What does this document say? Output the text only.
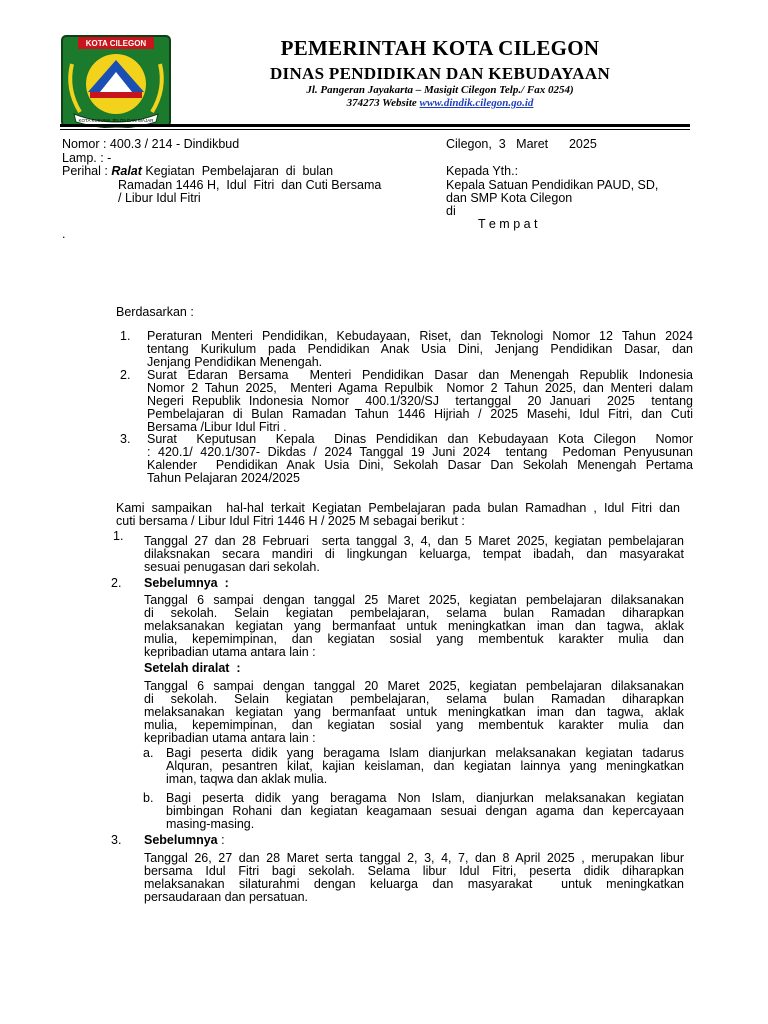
KOTA CILEGON
KOTA KUSUMA JELITA DAN WAJAR
PEMERINTAH KOTA CILEGON
DINAS PENDIDIKAN DAN KEBUDAYAAN
Jl. Pangeran Jayakarta – Masigit Cilegon Telp./ Fax 0254)
374273 Website www.dindik.cilegon.go.id
Nomor : 400.3 / 214 - Dindikbud
Lamp. : -
Perihal : Ralat Kegiatan  Pembelajaran  di  bulan
Ramadan 1446 H,  Idul  Fitri  dan Cuti Bersama
/ Libur Idul Fitri
Cilegon,  3   Maret      2025
Kepada Yth.:
Kepala Satuan Pendidikan PAUD, SD,
dan SMP Kota Cilegon
di
T e m p a t
.
Berdasarkan :
1. Peraturan Menteri Pendidikan, Kebudayaan, Riset, dan Teknologi Nomor 12 Tahun 2024
tentang Kurikulum pada Pendidikan Anak Usia Dini, Jenjang Pendidikan Dasar, dan
Jenjang Pendidikan Menengah.
2. Surat Edaran Bersama  Menteri Pendidikan Dasar dan Menengah Republik Indonesia
Nomor 2 Tahun 2025,  Menteri Agama Repulbik  Nomor 2 Tahun 2025, dan Menteri dalam
Negeri Republik Indonesia Nomor  400.1/320/SJ  tertanggal  20 Januari  2025  tentang
Pembelajaran di Bulan Ramadan Tahun 1446 Hijriah / 2025 Masehi, Idul Fitri, dan Cuti
Bersama /Libur Idul Fitri .
3. Surat  Keputusan  Kepala  Dinas Pendidikan dan Kebudayaan Kota Cilegon  Nomor
: 420.1/ 420.1/307- Dikdas / 2024 Tanggal 19 Juni 2024  tentang  Pedoman Penyusunan
Kalender  Pendidikan Anak Usia Dini, Sekolah Dasar Dan Sekolah Menengah Pertama
Tahun Pelajaran 2024/2025
Kami sampaikan  hal-hal terkait Kegiatan Pembelajaran pada bulan Ramadhan , Idul Fitri dan
cuti bersama / Libur Idul Fitri 1446 H / 2025 M sebagai berikut :
1. Tanggal 27 dan 28 Februari  serta tanggal 3, 4, dan 5 Maret 2025, kegiatan pembelajaran
dilaksnakan secara mandiri di lingkungan keluarga, tempat ibadah, dan masyarakat
sesuai penugasan dari sekolah.
2. Sebelumnya  :
Tanggal 6 sampai dengan tanggal 25 Maret 2025, kegiatan pembelajaran dilaksanakan
di sekolah. Selain kegiatan pembelajaran, selama bulan Ramadan diharapkan
melaksanakan kegiatan yang bermanfaat untuk meningkatkan iman dan tagwa, aklak
mulia, kepemimpinan, dan kegiatan sosial yang membentuk karakter mulia dan
kepribadian utama antara lain :
Setelah diralat  :
Tanggal 6 sampai dengan tanggal 20 Maret 2025, kegiatan pembelajaran dilaksanakan
di sekolah. Selain kegiatan pembelajaran, selama bulan Ramadan diharapkan
melaksanakan kegiatan yang bermanfaat untuk meningkatkan iman dan tagwa, aklak
mulia, kepemimpinan, dan kegiatan sosial yang membentuk karakter mulia dan
kepribadian utama antara lain :
a. Bagi peserta didik yang beragama Islam dianjurkan melaksanakan kegiatan tadarus
Alquran, pesantren kilat, kajian keislaman, dan kegiatan lainnya yang meningkatkan
iman, taqwa dan aklak mulia.
b. Bagi peserta didik yang beragama Non Islam, dianjurkan melaksanakan kegiatan
bimbingan Rohani dan kegiatan keagamaan sesuai dengan agama dan kepercayaan
masing-masing.
3. Sebelumnya :
Tanggal 26, 27 dan 28 Maret serta tanggal 2, 3, 4, 7, dan 8 April 2025 , merupakan libur
bersama Idul Fitri bagi sekolah. Selama libur Idul Fitri, peserta didik diharapkan
melaksanakan silaturahmi dengan keluarga dan masyarakat  untuk meningkatkan
persaudaraan dan persatuan.
